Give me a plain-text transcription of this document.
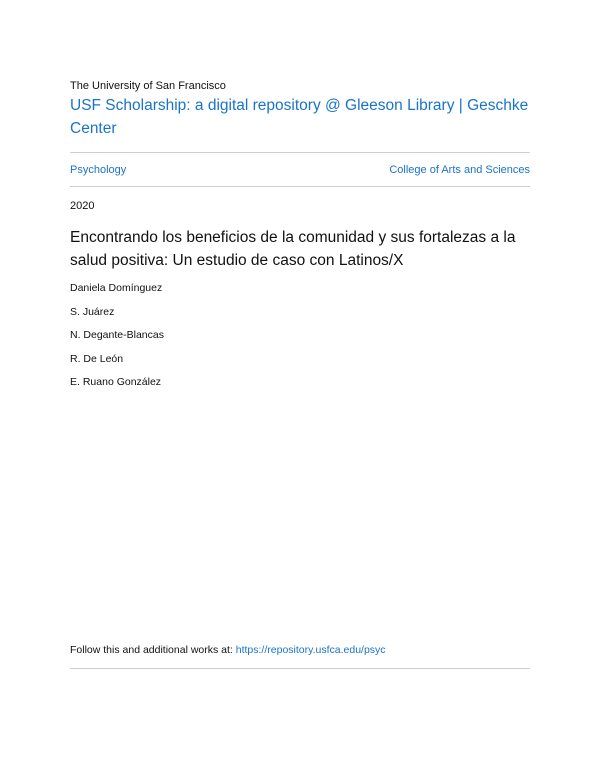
The University of San Francisco
USF Scholarship: a digital repository @ Gleeson Library | Geschke Center
Psychology	College of Arts and Sciences
2020
Encontrando los beneficios de la comunidad y sus fortalezas a la salud positiva: Un estudio de caso con Latinos/X
Daniela Domínguez
S. Juárez
N. Degante-Blancas
R. De León
E. Ruano González
Follow this and additional works at: https://repository.usfca.edu/psyc
